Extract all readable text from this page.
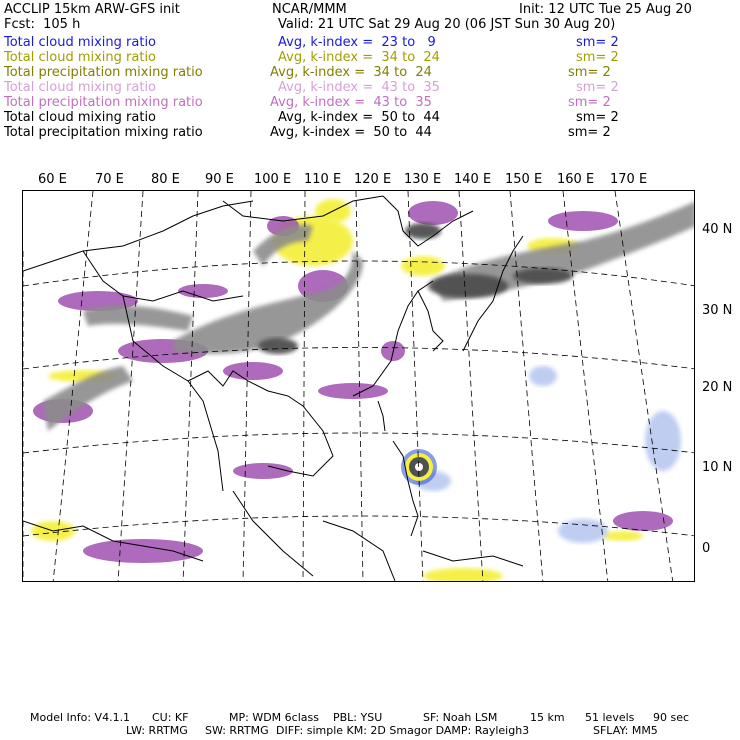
ACCLIP 15km ARW-GFS init	NCAR/MMM	Init: 12 UTC Tue 25 Aug 20
Fcst:  105 h	Valid: 21 UTC Sat 29 Aug 20 (06 JST Sun 30 Aug 20)
Total cloud mixing ratio	Avg, k-index =  23 to   9	sm= 2
Total cloud mixing ratio	Avg, k-index =  34 to  24	sm= 2
Total precipitation mixing ratio	Avg, k-index =  34 to  24	sm= 2
Total cloud mixing ratio	Avg, k-index =  43 to  35	sm= 2
Total precipitation mixing ratio	Avg, k-index =  43 to  35	sm= 2
Total cloud mixing ratio	Avg, k-index =  50 to  44	sm= 2
Total precipitation mixing ratio	Avg, k-index =  50 to  44	sm= 2
60 E 70 E 80 E 90 E 100 E 110 E 120 E 130 E 140 E 150 E 160 E 170 E
40 N
30 N
20 N
10 N
0
Model Info: V4.1.1 CU: KF	MP: WDM 6class PBL: YSU	SF: Noah LSM	15 km 51 levels 90 sec
LW: RRTMG SW: RRTMG DIFF: simple KM: 2D Smagor DAMP: Rayleigh3	SFLAY: MM5
